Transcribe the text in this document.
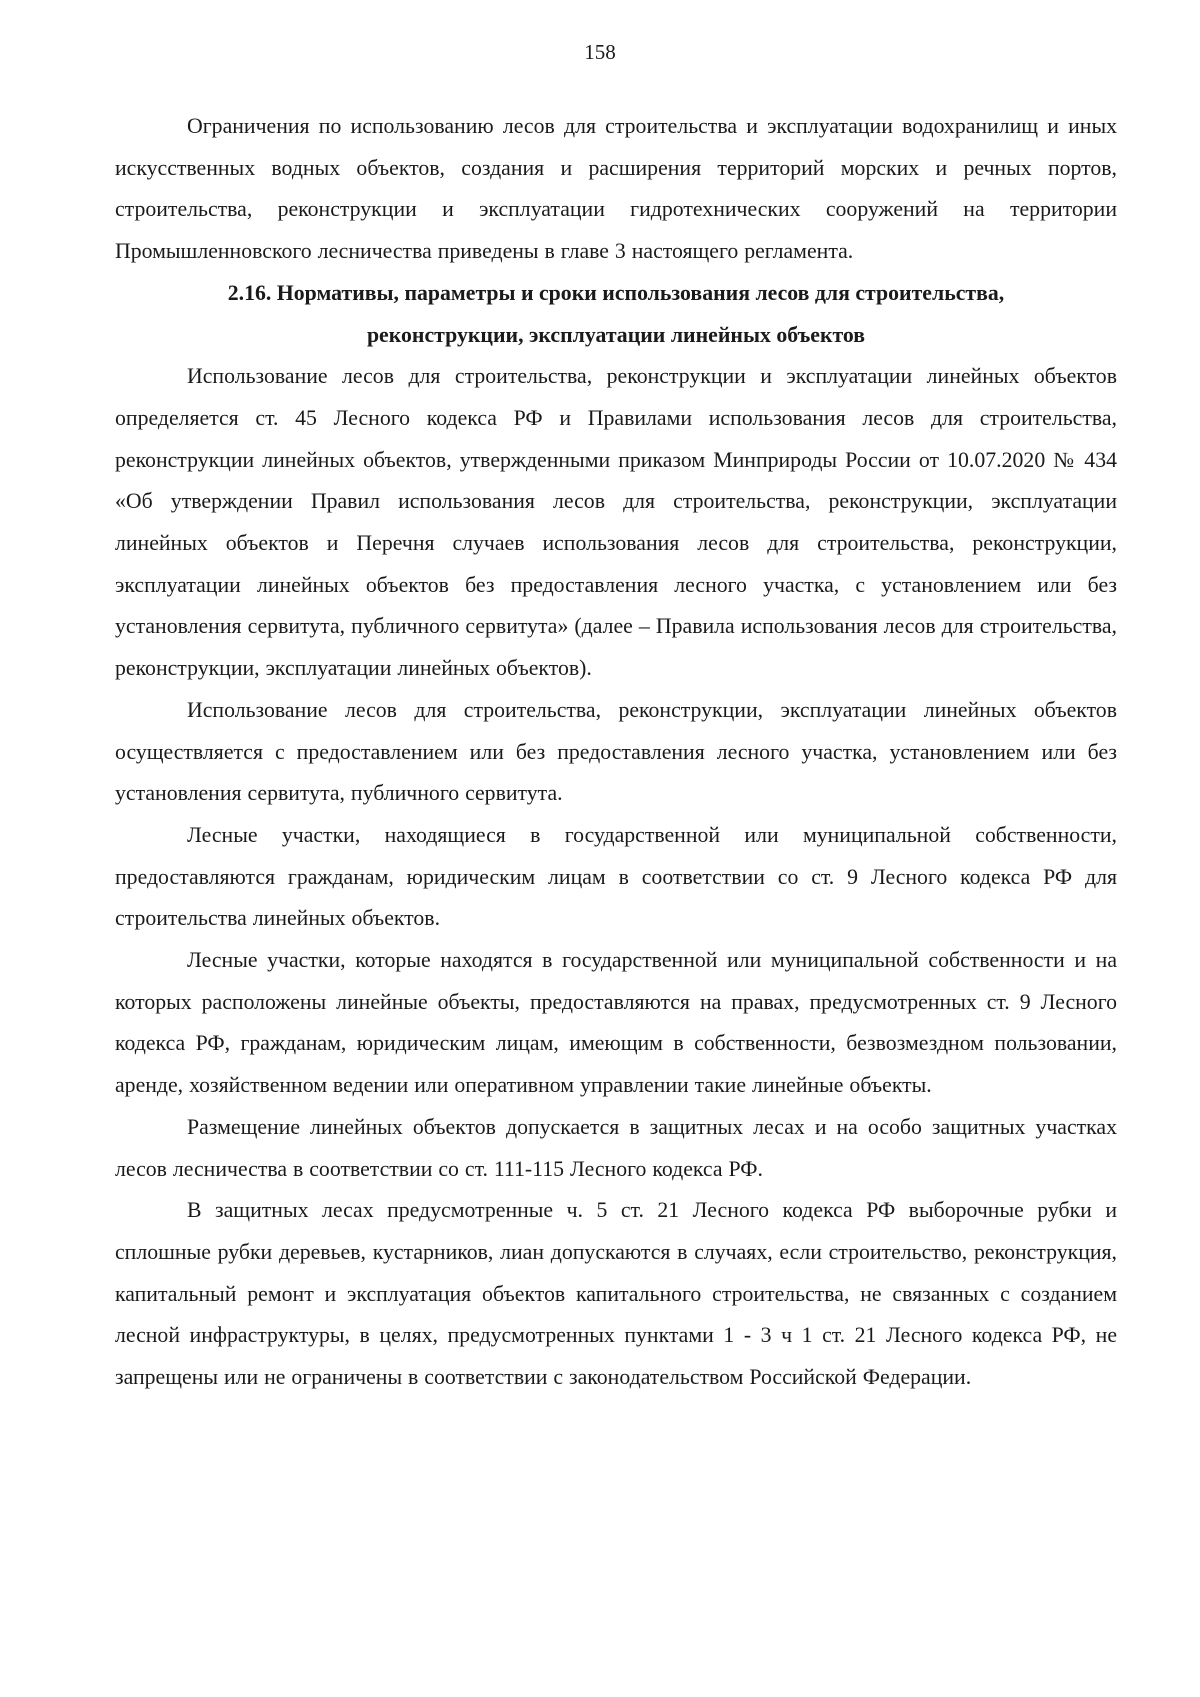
158

Ограничения по использованию лесов для строительства и эксплуатации водохранилищ и иных искусственных водных объектов, создания и расширения территорий морских и речных портов, строительства, реконструкции и эксплуатации гидротехнических сооружений на территории Промышленновского лесничества приведены в главе 3 настоящего регламента.

2.16. Нормативы, параметры и сроки использования лесов для строительства, реконструкции, эксплуатации линейных объектов

Использование лесов для строительства, реконструкции и эксплуатации линейных объектов определяется ст. 45 Лесного кодекса РФ и Правилами использования лесов для строительства, реконструкции линейных объектов, утвержденными приказом Минприроды России от 10.07.2020 № 434 «Об утверждении Правил использования лесов для строительства, реконструкции, эксплуатации линейных объектов и Перечня случаев использования лесов для строительства, реконструкции, эксплуатации линейных объектов без предоставления лесного участка, с установлением или без установления сервитута, публичного сервитута» (далее – Правила использования лесов для строительства, реконструкции, эксплуатации линейных объектов).

Использование лесов для строительства, реконструкции, эксплуатации линейных объектов осуществляется с предоставлением или без предоставления лесного участка, установлением или без установления сервитута, публичного сервитута.

Лесные участки, находящиеся в государственной или муниципальной собственности, предоставляются гражданам, юридическим лицам в соответствии со ст. 9 Лесного кодекса РФ для строительства линейных объектов.

Лесные участки, которые находятся в государственной или муниципальной собственности и на которых расположены линейные объекты, предоставляются на правах, предусмотренных ст. 9 Лесного кодекса РФ, гражданам, юридическим лицам, имеющим в собственности, безвозмездном пользовании, аренде, хозяйственном ведении или оперативном управлении такие линейные объекты.

Размещение линейных объектов допускается в защитных лесах и на особо защитных участках лесов лесничества в соответствии со ст. 111-115 Лесного кодекса РФ.

В защитных лесах предусмотренные ч. 5 ст. 21 Лесного кодекса РФ выборочные рубки и сплошные рубки деревьев, кустарников, лиан допускаются в случаях, если строительство, реконструкция, капитальный ремонт и эксплуатация объектов капитального строительства, не связанных с созданием лесной инфраструктуры, в целях, предусмотренных пунктами 1 - 3 ч 1 ст. 21 Лесного кодекса РФ, не запрещены или не ограничены в соответствии с законодательством Российской Федерации.
